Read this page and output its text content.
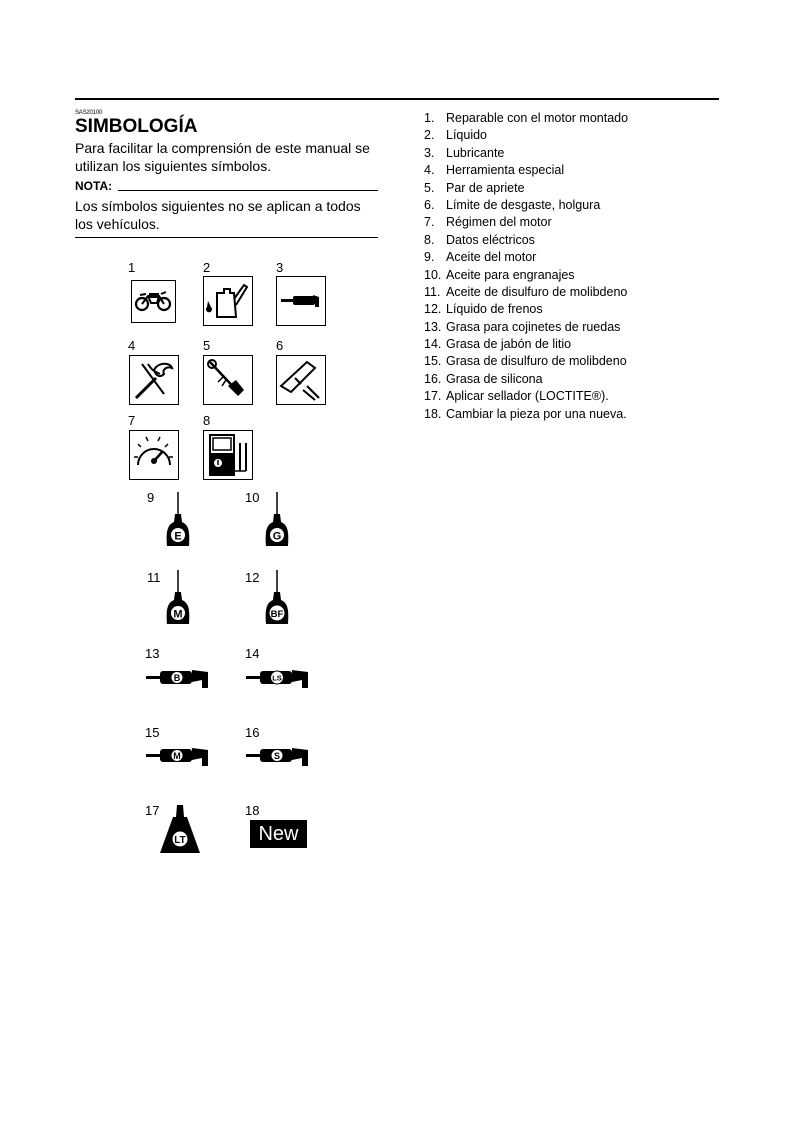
SAS20100
SIMBOLOGÍA
Para facilitar la comprensión de este manual se utilizan los siguientes símbolos.
NOTA:
Los símbolos siguientes no se aplican a todos los vehículos.
1. Reparable con el motor montado
2. Líquido
3. Lubricante
4. Herramienta especial
5. Par de apriete
6. Límite de desgaste, holgura
7. Régimen del motor
8. Datos eléctricos
9. Aceite del motor
10. Aceite para engranajes
11. Aceite de disulfuro de molibdeno
12. Líquido de frenos
13. Grasa para cojinetes de ruedas
14. Grasa de jabón de litio
15. Grasa de disulfuro de molibdeno
16. Grasa de silicona
17. Aplicar sellador (LOCTITE®).
18. Cambiar la pieza por una nueva.
1	2	3
4	5	6
7	8
9	10
11	12
E	G
M	BF
13	14
15	16
B	LS
M	S
17	18
LT	New
